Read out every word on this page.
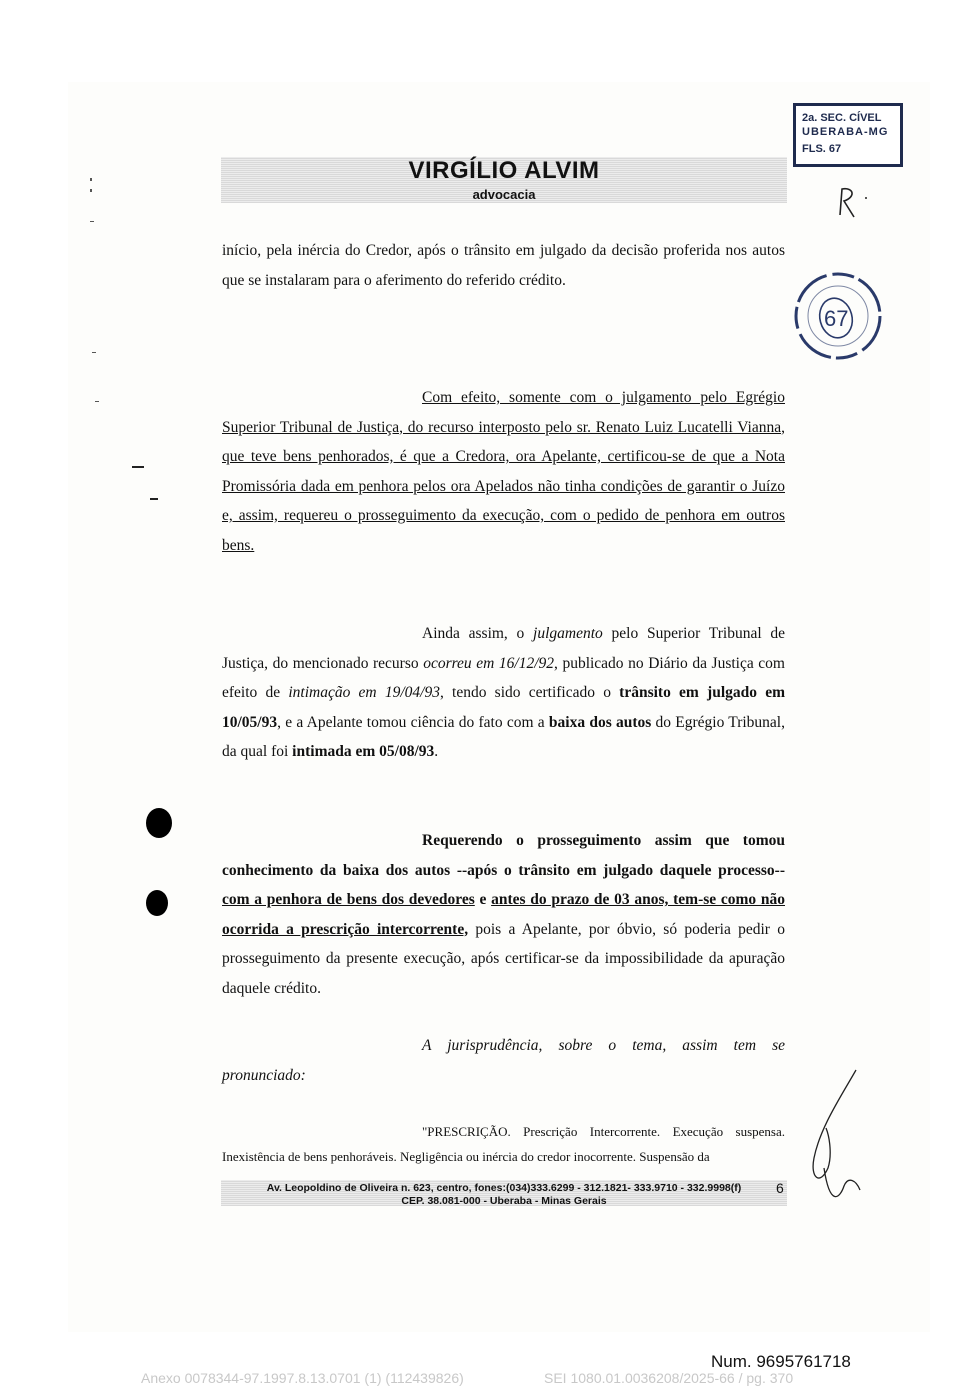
VIRGÍLIO ALVIM
advocacia
2a. SEC. CÍVEL
UBERABA-MG
FLS. 67
67
início, pela inércia do Credor, após o trânsito em julgado da decisão proferida nos autos que se instalaram para o aferimento do referido crédito.
Com efeito, somente com o julgamento pelo Egrégio Superior Tribunal de Justiça, do recurso interposto pelo sr. Renato Luiz Lucatelli Vianna, que teve bens penhorados, é que a Credora, ora Apelante, certificou-se de que a Nota Promissória dada em penhora pelos ora Apelados não tinha condições de garantir o Juízo e, assim, requereu o prosseguimento da execução, com o pedido de penhora em outros bens.
Ainda assim, o julgamento pelo Superior Tribunal de Justiça, do mencionado recurso ocorreu em 16/12/92, publicado no Diário da Justiça com efeito de intimação em 19/04/93, tendo sido certificado o trânsito em julgado em 10/05/93, e a Apelante tomou ciência do fato com a baixa dos autos do Egrégio Tribunal, da qual foi intimada em 05/08/93.
Requerendo o prosseguimento assim que tomou conhecimento da baixa dos autos --após o trânsito em julgado daquele processo-- com a penhora de bens dos devedores e antes do prazo de 03 anos, tem-se como não ocorrida a prescrição intercorrente, pois a Apelante, por óbvio, só poderia pedir o prosseguimento da presente execução, após certificar-se da impossibilidade da apuração daquele crédito.
A jurisprudência, sobre o tema, assim tem se pronunciado:
"PRESCRIÇÃO. Prescrição Intercorrente. Execução suspensa. Inexistência de bens penhoráveis. Negligência ou inércia do credor inocorrente. Suspensão da
Av. Leopoldino de Oliveira n. 623, centro, fones:(034)333.6299 - 312.1821- 333.9710 - 332.9998(f)
CEP. 38.081-000 - Uberaba - Minas Gerais
6
Num. 9695761718
Anexo 0078344-97.1997.8.13.0701 (1) (112439826)	SEI 1080.01.0036208/2025-66 / pg. 370
